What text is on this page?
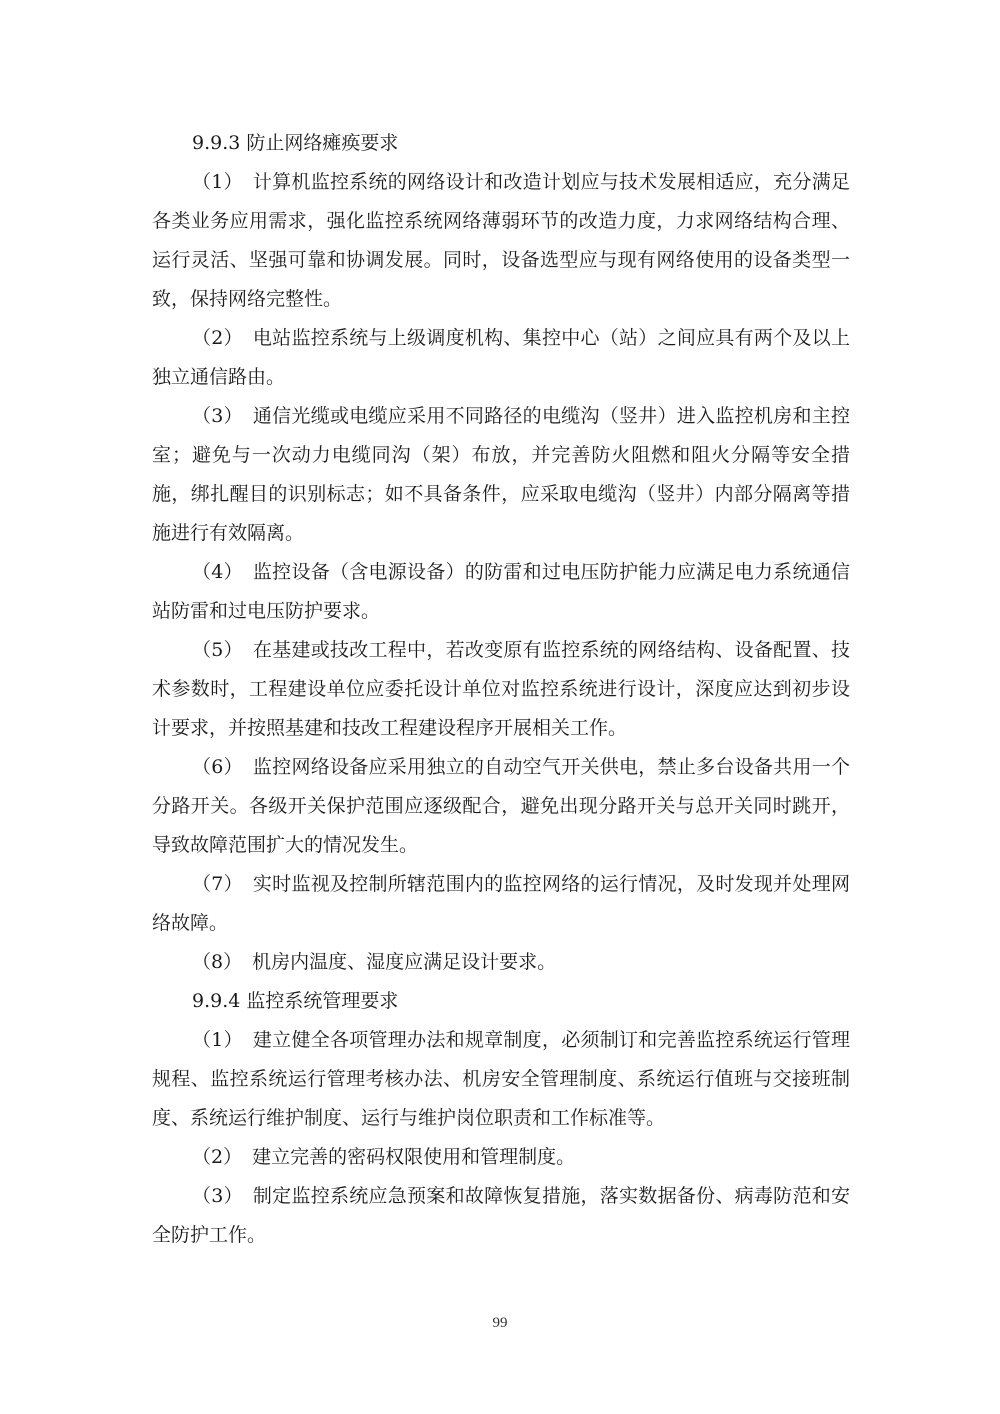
9.9.3 防止网络瘫痪要求

（1） 计算机监控系统的网络设计和改造计划应与技术发展相适应，充分满足各类业务应用需求，强化监控系统网络薄弱环节的改造力度，力求网络结构合理、运行灵活、坚强可靠和协调发展。同时，设备选型应与现有网络使用的设备类型一致，保持网络完整性。

（2） 电站监控系统与上级调度机构、集控中心（站）之间应具有两个及以上独立通信路由。

（3） 通信光缆或电缆应采用不同路径的电缆沟（竖井）进入监控机房和主控室；避免与一次动力电缆同沟（架）布放，并完善防火阻燃和阻火分隔等安全措施，绑扎醒目的识别标志；如不具备条件，应采取电缆沟（竖井）内部分隔离等措施进行有效隔离。

（4） 监控设备（含电源设备）的防雷和过电压防护能力应满足电力系统通信站防雷和过电压防护要求。

（5） 在基建或技改工程中，若改变原有监控系统的网络结构、设备配置、技术参数时，工程建设单位应委托设计单位对监控系统进行设计，深度应达到初步设计要求，并按照基建和技改工程建设程序开展相关工作。

（6） 监控网络设备应采用独立的自动空气开关供电，禁止多台设备共用一个分路开关。各级开关保护范围应逐级配合，避免出现分路开关与总开关同时跳开，导致故障范围扩大的情况发生。

（7） 实时监视及控制所辖范围内的监控网络的运行情况，及时发现并处理网络故障。

（8） 机房内温度、湿度应满足设计要求。

9.9.4 监控系统管理要求

（1） 建立健全各项管理办法和规章制度，必须制订和完善监控系统运行管理规程、监控系统运行管理考核办法、机房安全管理制度、系统运行值班与交接班制度、系统运行维护制度、运行与维护岗位职责和工作标准等。

（2） 建立完善的密码权限使用和管理制度。

（3） 制定监控系统应急预案和故障恢复措施，落实数据备份、病毒防范和安全防护工作。

99
